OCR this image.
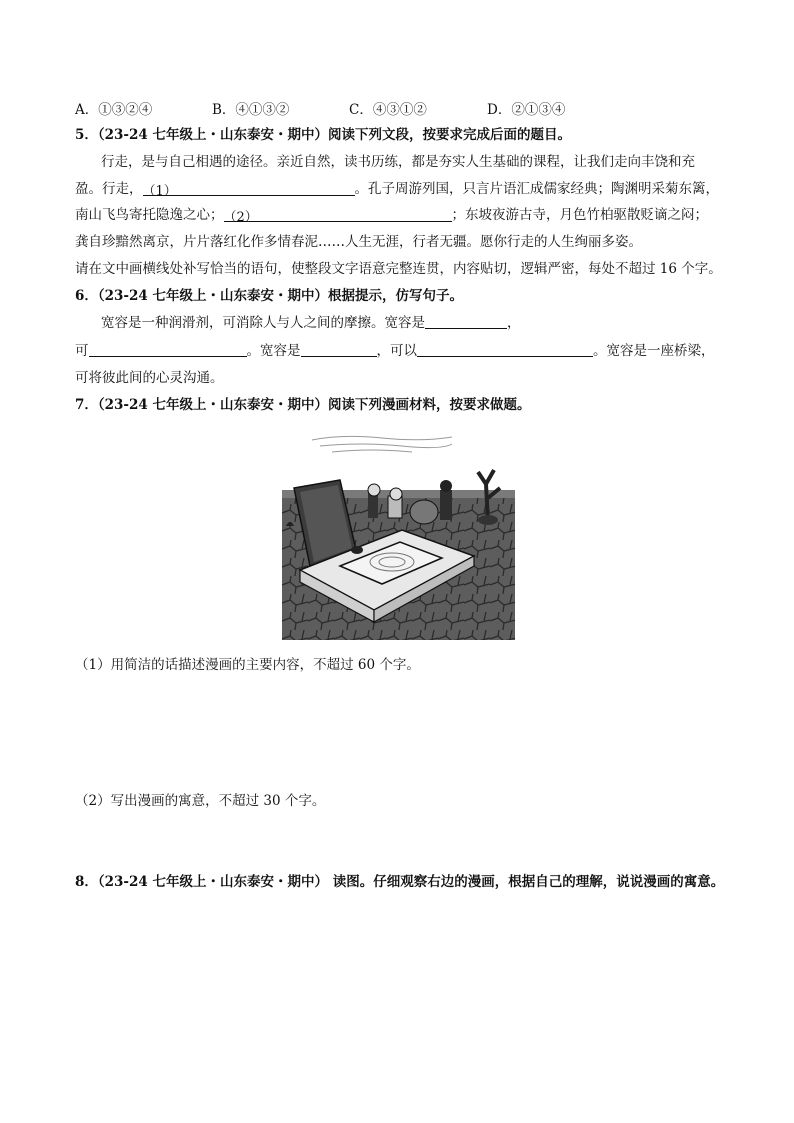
A．①③②④	B．④①③②	C．④③①②	D．②①③④
5．（23-24 七年级上・山东泰安・期中）阅读下列文段，按要求完成后面的题目。
行走，是与自己相遇的途径。亲近自然，读书历练，都是夯实人生基础的课程，让我们走向丰饶和充
盈。行走，（1）	。孔子周游列国，只言片语汇成儒家经典；陶渊明采菊东篱，
南山飞鸟寄托隐逸之心；（2）	；东坡夜游古寺，月色竹柏驱散贬谪之闷；
龚自珍黯然离京，片片落红化作多情春泥……人生无涯，行者无疆。愿你行走的人生绚丽多姿。
请在文中画横线处补写恰当的语句，使整段文字语意完整连贯，内容贴切，逻辑严密，每处不超过 16 个字。
6．（23-24 七年级上・山东泰安・期中）根据提示，仿写句子。
宽容是一种润滑剂，可消除人与人之间的摩擦。宽容是	，
可	。宽容是	，可以	。宽容是一座桥梁，
可将彼此间的心灵沟通。
7．（23-24 七年级上・山东泰安・期中）阅读下列漫画材料，按要求做题。
（1）用简洁的话描述漫画的主要内容，不超过 60 个字。
（2）写出漫画的寓意，不超过 30 个字。
8．（23-24 七年级上・山东泰安・期中） 读图。仔细观察右边的漫画，根据自己的理解，说说漫画的寓意。
